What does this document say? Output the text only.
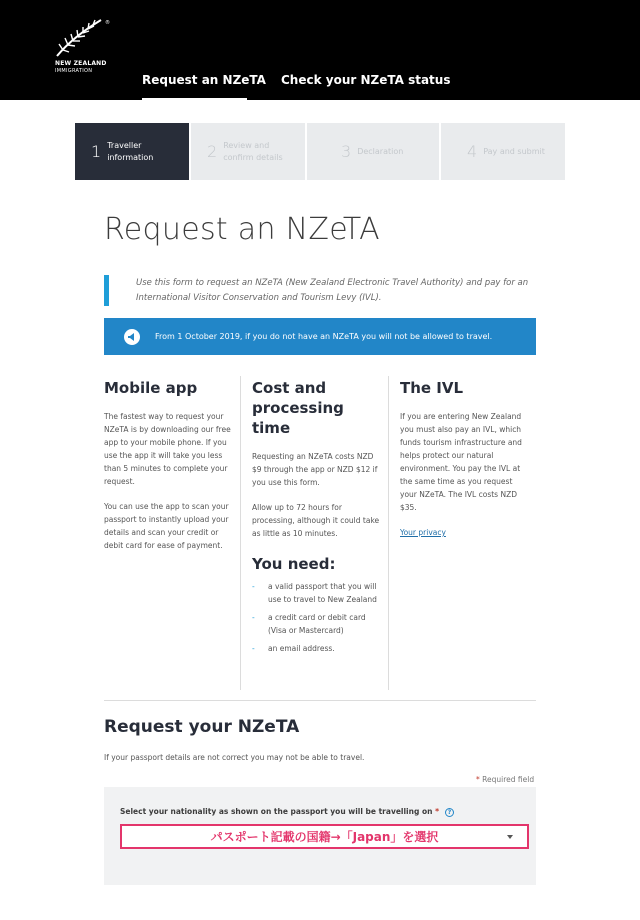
®
NEW ZEALAND
IMMIGRATION
Request an NZeTA Check your NZeTA status
1 Traveller information	2 Review and confirm details	3 Declaration	4 Pay and submit
Request an NZeTA

Use this form to request an NZeTA (New Zealand Electronic Travel Authority) and pay for an International Visitor Conservation and Tourism Levy (IVL).

From 1 October 2019, if you do not have an NZeTA you will not be allowed to travel.
Mobile app

The fastest way to request your NZeTA is by downloading our free app to your mobile phone. If you use the app it will take you less than 5 minutes to complete your request.

You can use the app to scan your passport to instantly upload your details and scan your credit or debit card for ease of payment.

Cost and processing time

Requesting an NZeTA costs NZD $9 through the app or NZD $12 if you use this form.

Allow up to 72 hours for processing, although it could take as little as 10 minutes.

You need:
- a valid passport that you will use to travel to New Zealand
- a credit card or debit card (Visa or Mastercard)
- an email address.
The IVL

If you are entering New Zealand you must also pay an IVL, which funds tourism infrastructure and helps protect our natural environment. You pay the IVL at the same time as you request your NZeTA. The IVL costs NZD $35.

Your privacy

Request your NZeTA

If your passport details are not correct you may not be able to travel.

* Required field

Select your nationality as shown on the passport you will be travelling on * ?
パスポート記載の国籍→「Japan」を選択
